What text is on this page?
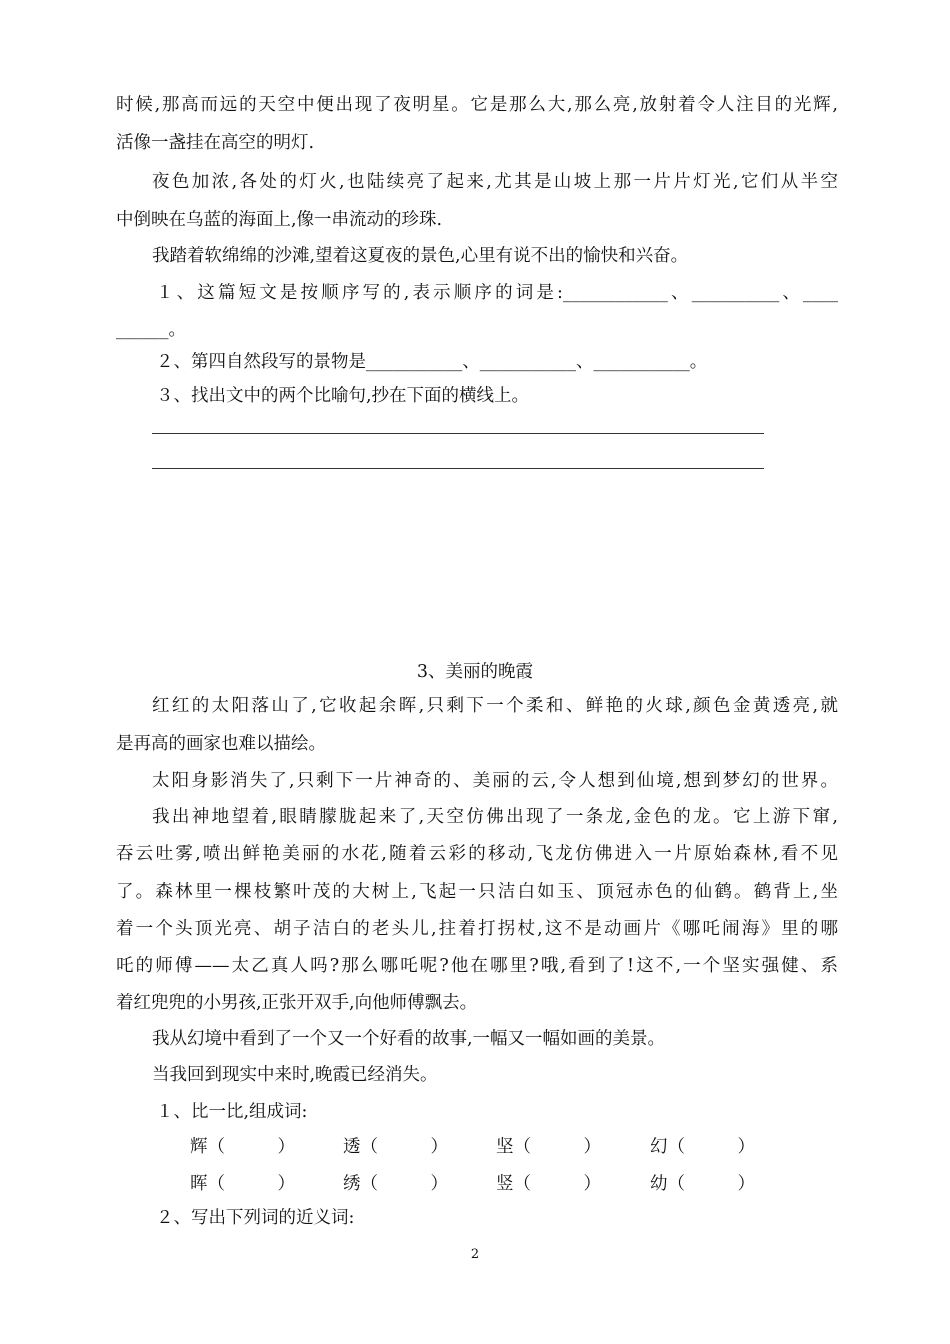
时候,那高而远的天空中便出现了夜明星。它是那么大,那么亮,放射着令人注目的光辉,
活像一盏挂在高空的明灯.
夜色加浓,各处的灯火,也陆续亮了起来,尤其是山坡上那一片片灯光,它们从半空
中倒映在乌蓝的海面上,像一串流动的珍珠.
我踏着软绵绵的沙滩,望着这夏夜的景色,心里有说不出的愉快和兴奋。
１、这篇短文是按顺序写的,表示顺序的词是:____________、__________、____
______。
２、第四自然段写的景物是___________、___________、___________。
３、找出文中的两个比喻句,抄在下面的横线上。
3、美丽的晚霞
红红的太阳落山了,它收起余晖,只剩下一个柔和、鲜艳的火球,颜色金黄透亮,就
是再高的画家也难以描绘。
太阳身影消失了,只剩下一片神奇的、美丽的云,令人想到仙境,想到梦幻的世界。
我出神地望着,眼睛朦胧起来了,天空仿佛出现了一条龙,金色的龙。它上游下窜,
吞云吐雾,喷出鲜艳美丽的水花,随着云彩的移动,飞龙仿佛进入一片原始森林,看不见
了。森林里一棵枝繁叶茂的大树上,飞起一只洁白如玉、顶冠赤色的仙鹤。鹤背上,坐
着一个头顶光亮、胡子洁白的老头儿,拄着打拐杖,这不是动画片《哪吒闹海》里的哪
吒的师傅——太乙真人吗?那么哪吒呢?他在哪里?哦,看到了!这不,一个坚实强健、系
着红兜兜的小男孩,正张开双手,向他师傅飘去。
我从幻境中看到了一个又一个好看的故事,一幅又一幅如画的美景。
当我回到现实中来时,晚霞已经消失。
１、比一比,组成词:
辉（　　　）	透（　　　）	坚（　　　）	幻（　　　）
晖（　　　）	绣（　　　）	竖（　　　）	幼（　　　）
２、写出下列词的近义词:
2
